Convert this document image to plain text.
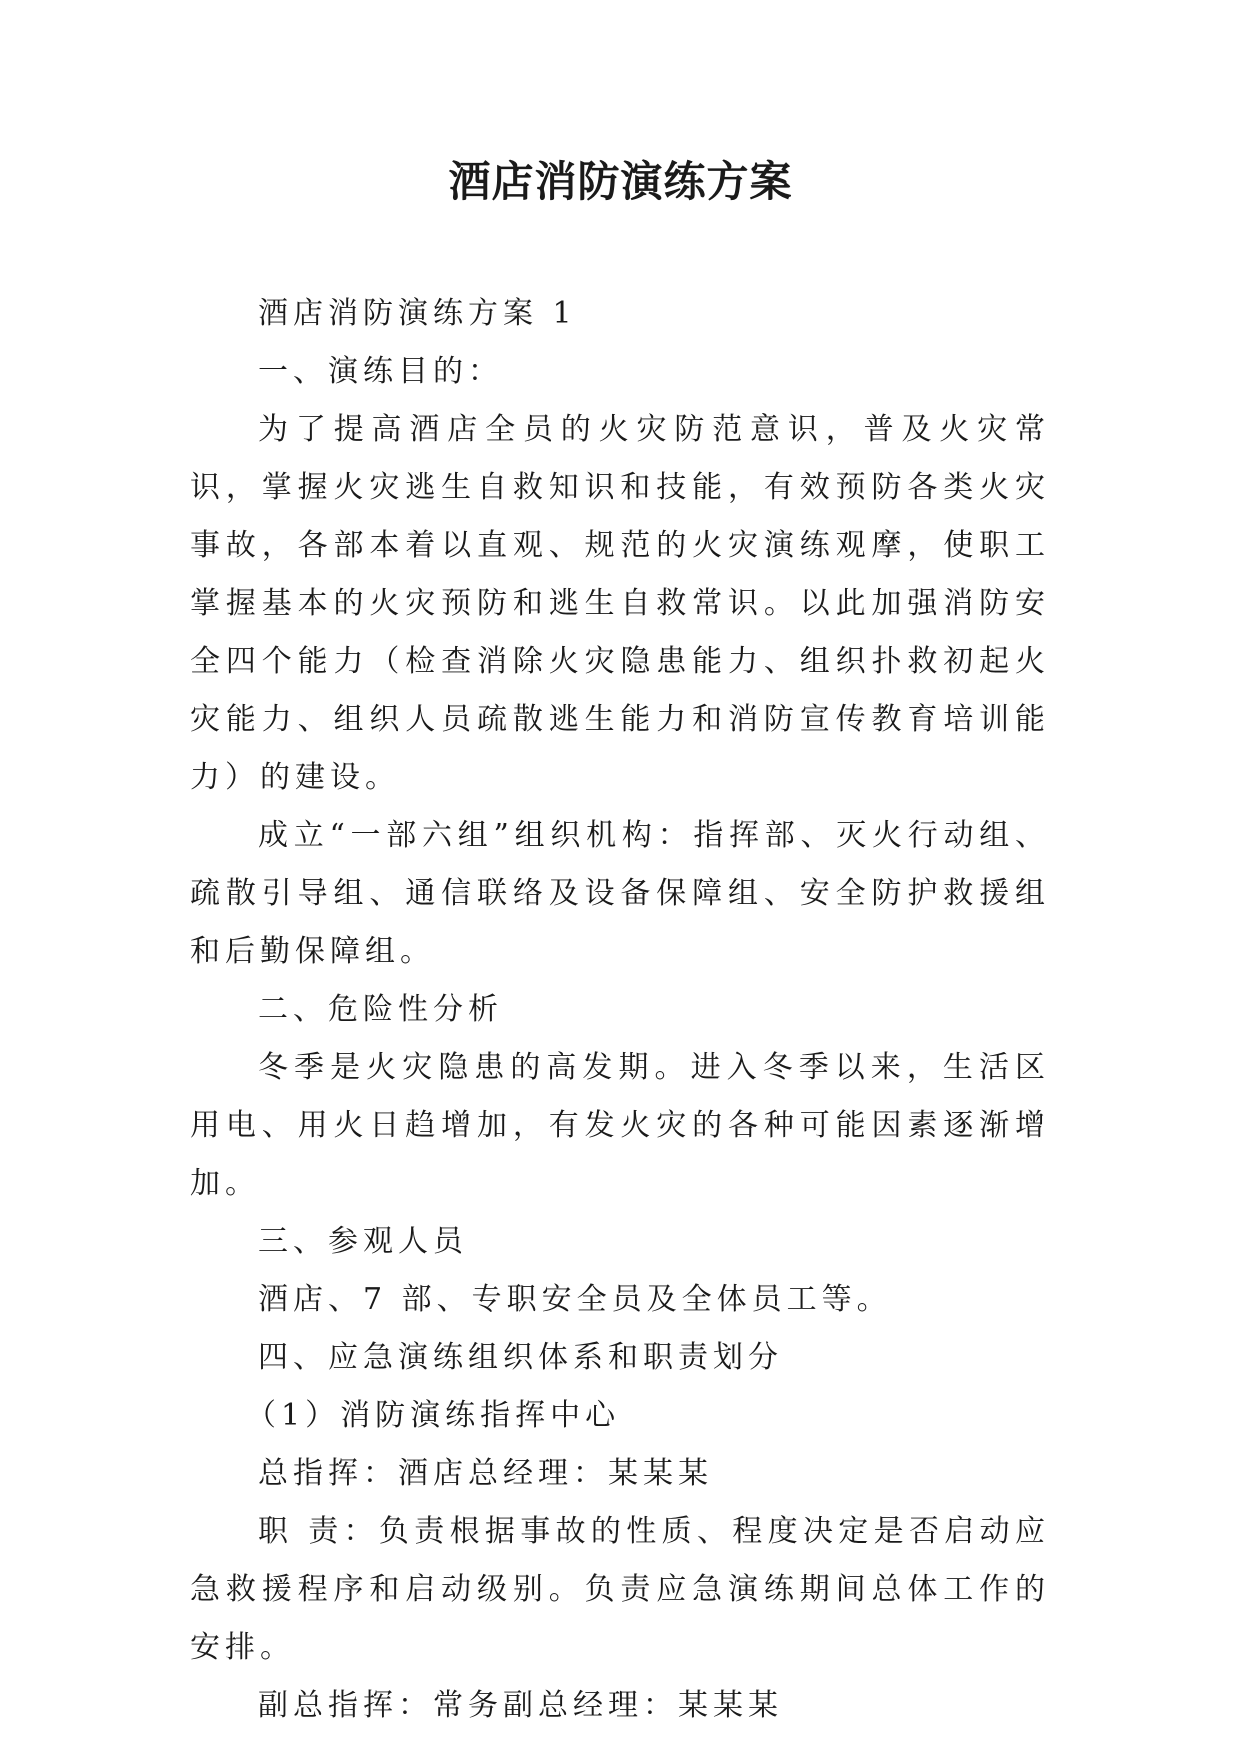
酒店消防演练方案

酒店消防演练方案 1

一、演练目的：

为了提高酒店全员的火灾防范意识，普及火灾常识，掌握火灾逃生自救知识和技能，有效预防各类火灾事故，各部本着以直观、规范的火灾演练观摩，使职工掌握基本的火灾预防和逃生自救常识。以此加强消防安全四个能力（检查消除火灾隐患能力、组织扑救初起火灾能力、组织人员疏散逃生能力和消防宣传教育培训能力）的建设。

成立“一部六组”组织机构：指挥部、灭火行动组、疏散引导组、通信联络及设备保障组、安全防护救援组和后勤保障组。

二、危险性分析

冬季是火灾隐患的高发期。进入冬季以来，生活区用电、用火日趋增加，有发火灾的各种可能因素逐渐增加。

三、参观人员

酒店、7 部、专职安全员及全体员工等。

四、应急演练组织体系和职责划分

（1）消防演练指挥中心

总指挥：酒店总经理：某某某

职 责：负责根据事故的性质、程度决定是否启动应急救援程序和启动级别。负责应急演练期间总体工作的安排。

副总指挥：常务副总经理：某某某
